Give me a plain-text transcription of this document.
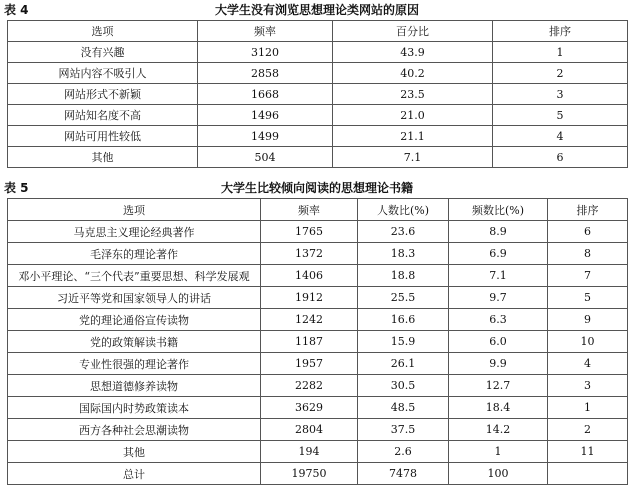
表 4	大学生没有浏览思想理论类网站的原因
选项	频率	百分比	排序
没有兴趣	3120	43.9	1
网站内容不吸引人	2858	40.2	2
网站形式不新颖	1668	23.5	3
网站知名度不高	1496	21.0	5
网站可用性较低	1499	21.1	4
其他	504	7.1	6
表 5	大学生比较倾向阅读的思想理论书籍
选项	频率	人数比(%)	频数比(%)	排序
马克思主义理论经典著作	1765	23.6	8.9	6
毛泽东的理论著作	1372	18.3	6.9	8
邓小平理论、“三个代表”重要思想、科学发展观	1406	18.8	7.1	7
习近平等党和国家领导人的讲话	1912	25.5	9.7	5
党的理论通俗宣传读物	1242	16.6	6.3	9
党的政策解读书籍	1187	15.9	6.0	10
专业性很强的理论著作	1957	26.1	9.9	4
思想道德修养读物	2282	30.5	12.7	3
国际国内时势政策读本	3629	48.5	18.4	1
西方各种社会思潮读物	2804	37.5	14.2	2
其他	194	2.6	1	11
总计	19750	7478	100	
